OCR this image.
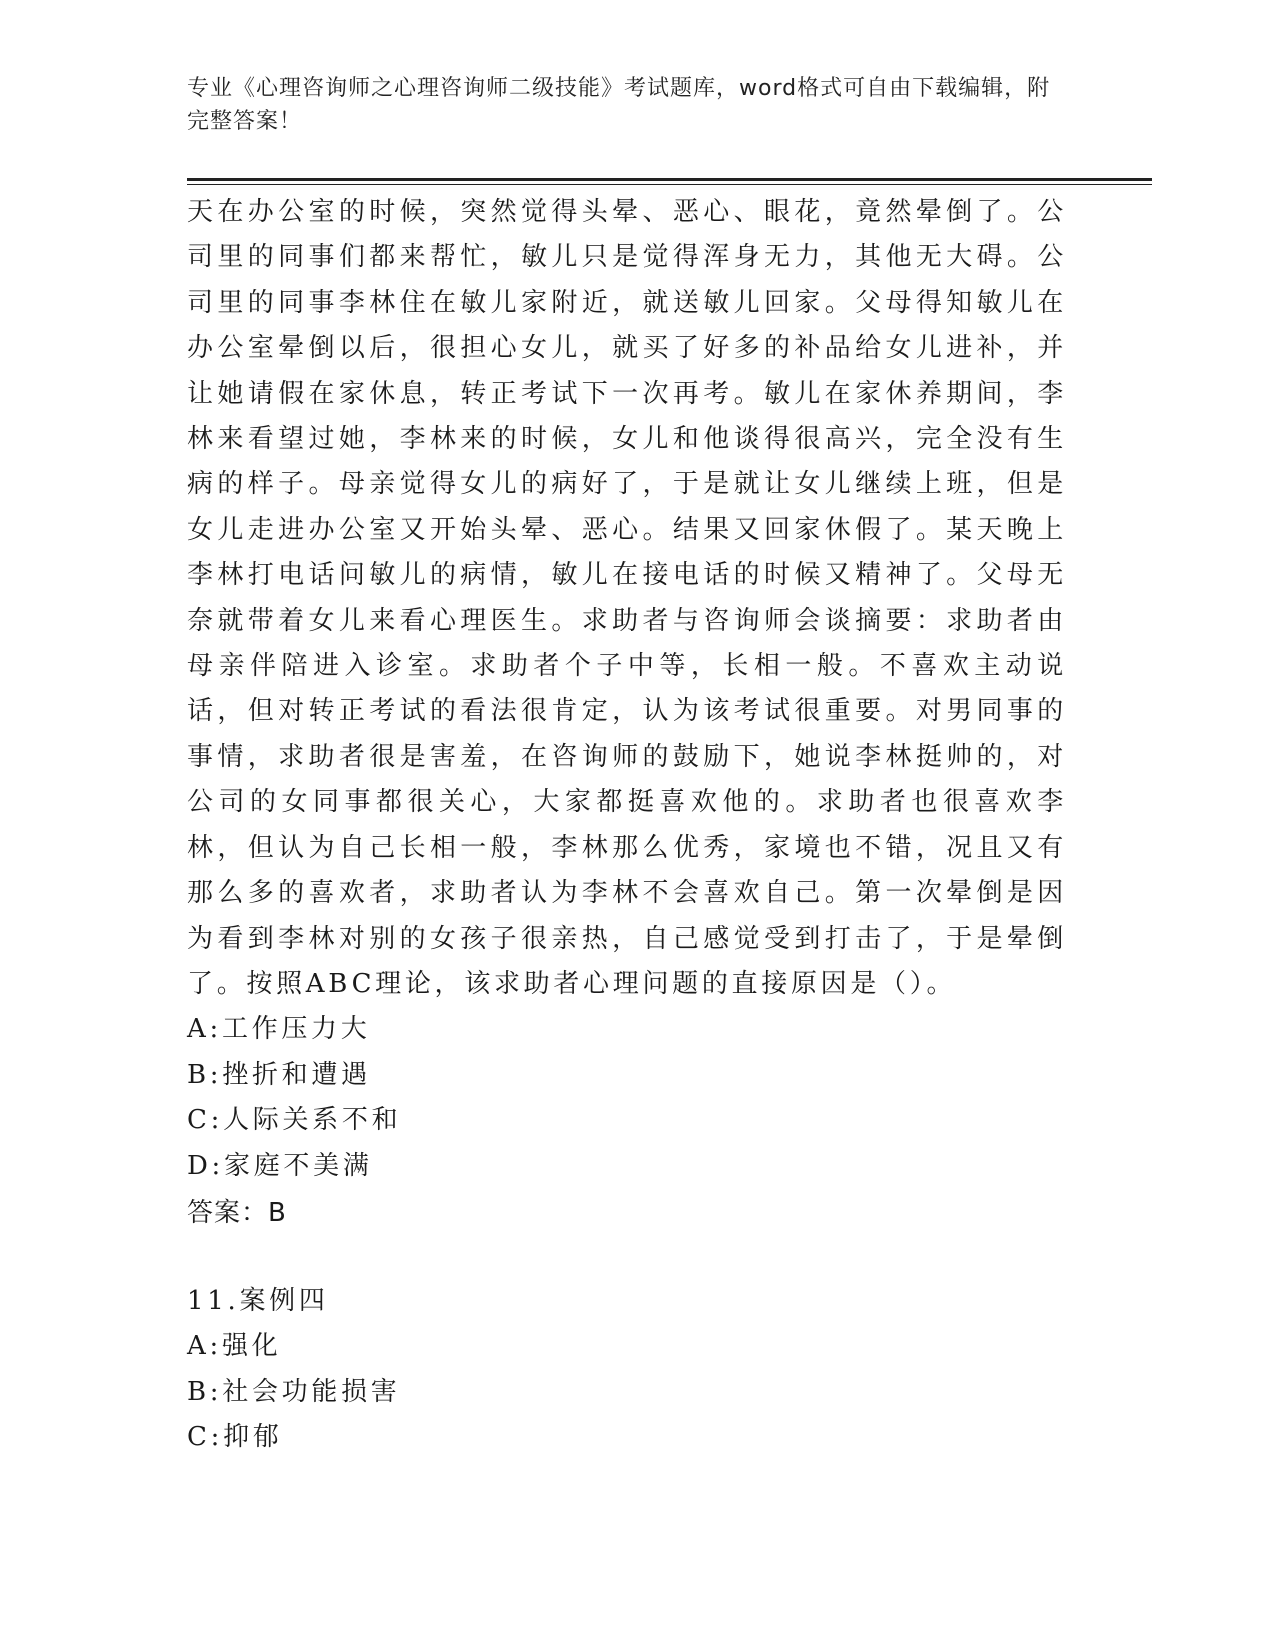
专业《心理咨询师之心理咨询师二级技能》考试题库，word格式可自由下载编辑，附完整答案！

天在办公室的时候，突然觉得头晕、恶心、眼花，竟然晕倒了。公司里的同事们都来帮忙，敏儿只是觉得浑身无力，其他无大碍。公司里的同事李林住在敏儿家附近，就送敏儿回家。父母得知敏儿在办公室晕倒以后，很担心女儿，就买了好多的补品给女儿进补，并让她请假在家休息，转正考试下一次再考。敏儿在家休养期间，李林来看望过她，李林来的时候，女儿和他谈得很高兴，完全没有生病的样子。母亲觉得女儿的病好了，于是就让女儿继续上班，但是女儿走进办公室又开始头晕、恶心。结果又回家休假了。某天晚上李林打电话问敏儿的病情，敏儿在接电话的时候又精神了。父母无奈就带着女儿来看心理医生。求助者与咨询师会谈摘要：求助者由母亲伴陪进入诊室。求助者个子中等，长相一般。不喜欢主动说话，但对转正考试的看法很肯定，认为该考试很重要。对男同事的事情，求助者很是害羞，在咨询师的鼓励下，她说李林挺帅的，对公司的女同事都很关心，大家都挺喜欢他的。求助者也很喜欢李林，但认为自己长相一般，李林那么优秀，家境也不错，况且又有那么多的喜欢者，求助者认为李林不会喜欢自己。第一次晕倒是因为看到李林对别的女孩子很亲热，自己感觉受到打击了，于是晕倒了。按照ABC理论，该求助者心理问题的直接原因是（）。

A: 工作压力大
B: 挫折和遭遇
C: 人际关系不和
D: 家庭不美满
答案：B
11.案例四
A: 强化
B: 社会功能损害
C: 抑郁
